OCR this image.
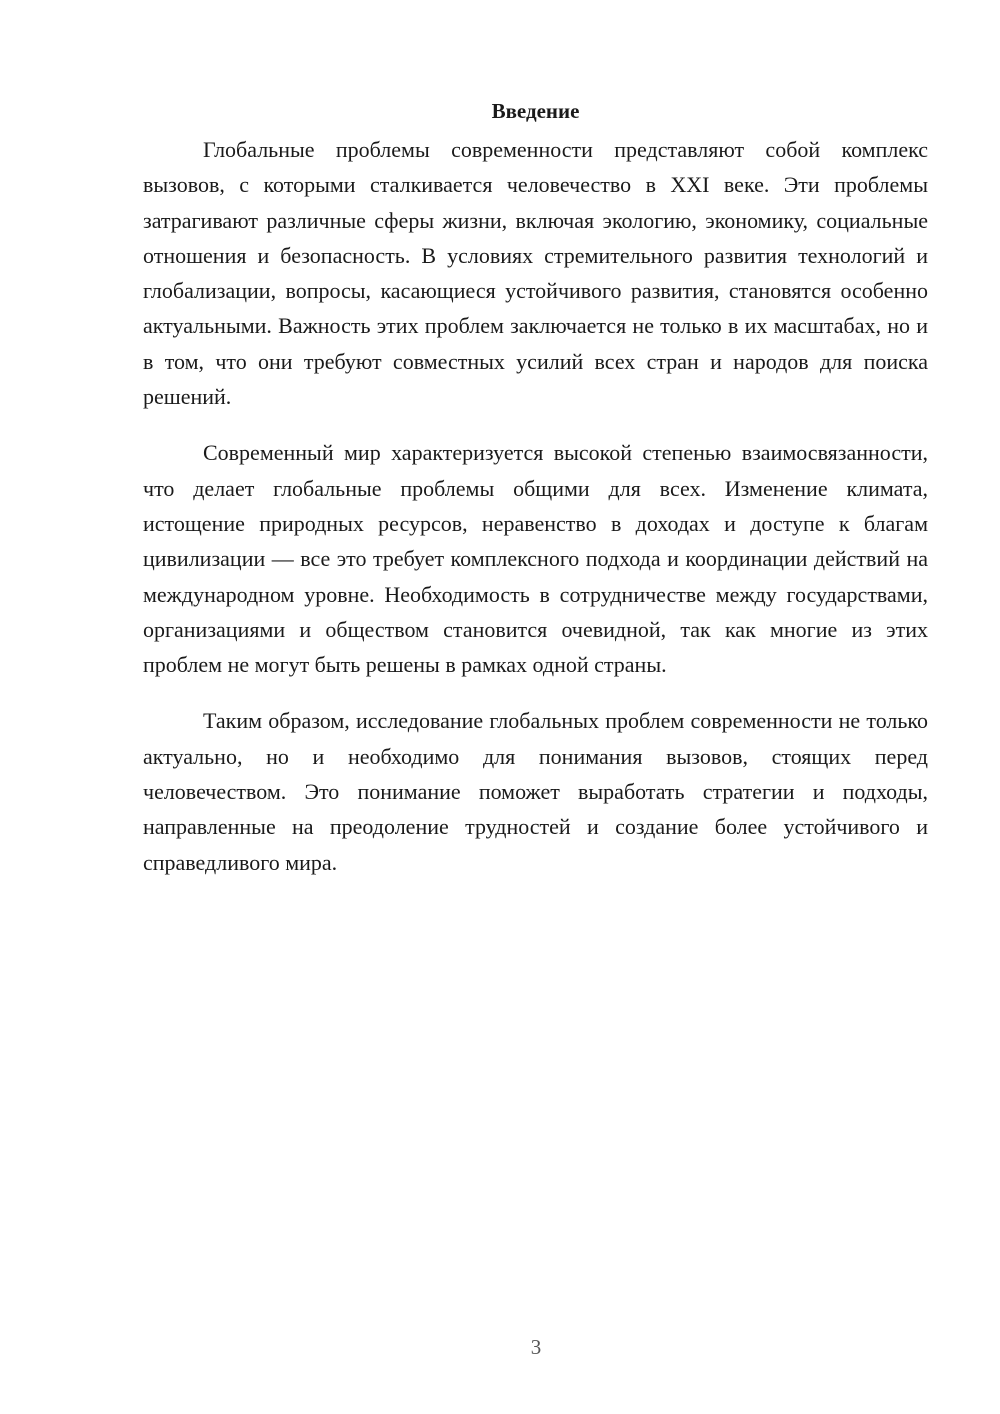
Введение

Глобальные проблемы современности представляют собой комплекс вызовов, с которыми сталкивается человечество в XXI веке. Эти проблемы затрагивают различные сферы жизни, включая экологию, экономику, социальные отношения и безопасность. В условиях стремительного развития технологий и глобализации, вопросы, касающиеся устойчивого развития, становятся особенно актуальными. Важность этих проблем заключается не только в их масштабах, но и в том, что они требуют совместных усилий всех стран и народов для поиска решений.

Современный мир характеризуется высокой степенью взаимосвязанности, что делает глобальные проблемы общими для всех. Изменение климата, истощение природных ресурсов, неравенство в доходах и доступе к благам цивилизации — все это требует комплексного подхода и координации действий на международном уровне. Необходимость в сотрудничестве между государствами, организациями и обществом становится очевидной, так как многие из этих проблем не могут быть решены в рамках одной страны.

Таким образом, исследование глобальных проблем современности не только актуально, но и необходимо для понимания вызовов, стоящих перед человечеством. Это понимание поможет выработать стратегии и подходы, направленные на преодоление трудностей и создание более устойчивого и справедливого мира.

3
